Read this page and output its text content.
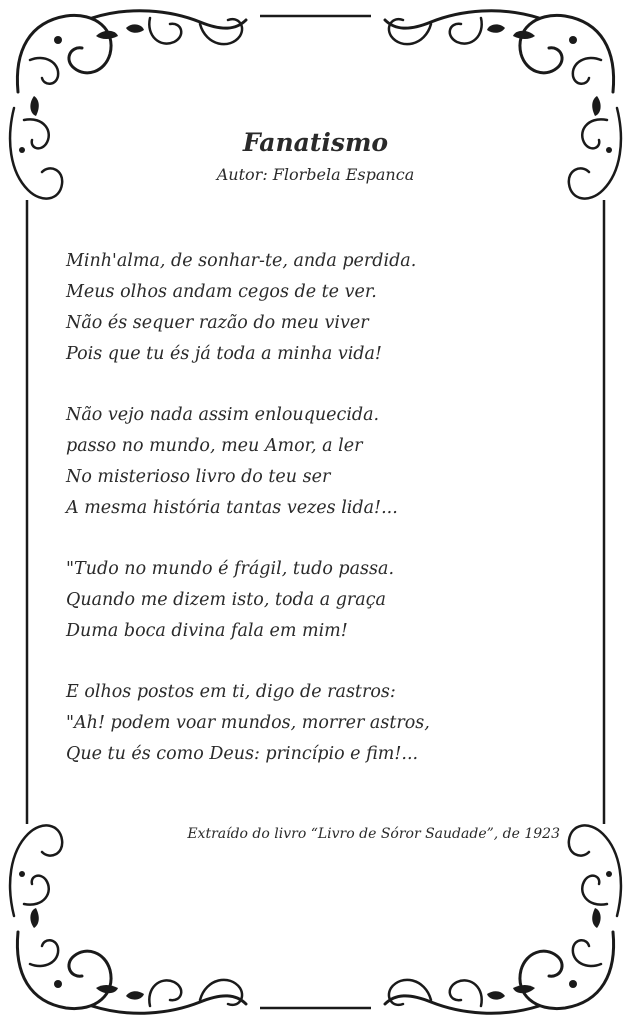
Fanatismo
Autor: Florbela Espanca
Minh'alma, de sonhar-te, anda perdida.
Meus olhos andam cegos de te ver.
Não és sequer razão do meu viver
Pois que tu és já toda a minha vida!
Não vejo nada assim enlouquecida.
passo no mundo, meu Amor, a ler
No misterioso livro do teu ser
A mesma história tantas vezes lida!...
"Tudo no mundo é frágil, tudo passa.
Quando me dizem isto, toda a graça
Duma boca divina fala em mim!
E olhos postos em ti, digo de rastros:
"Ah! podem voar mundos, morrer astros,
Que tu és como Deus: princípio e fim!...
Extraído do livro “Livro de Sóror Saudade”, de 1923
